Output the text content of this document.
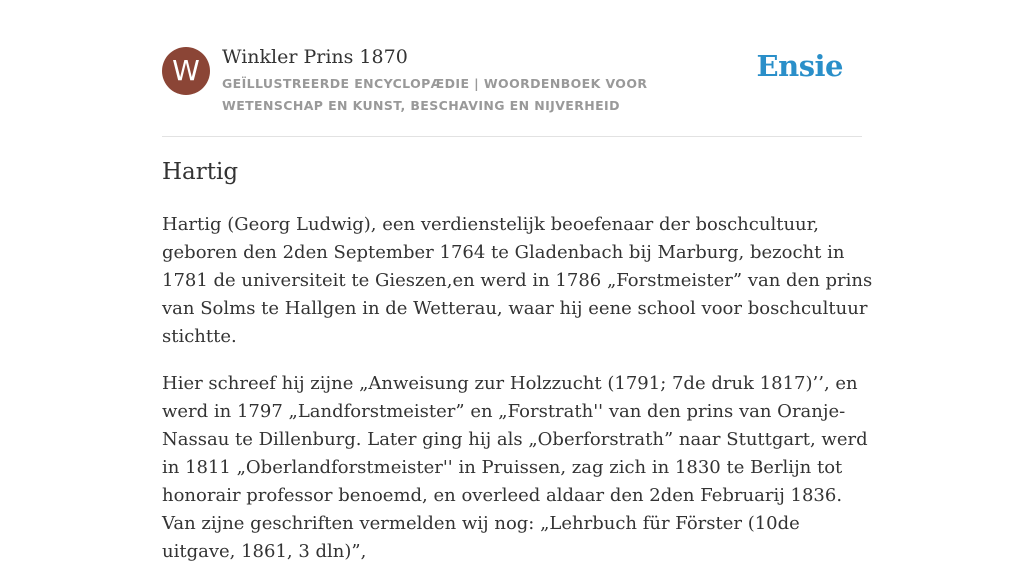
W	Winkler Prins 1870
GEÏLLUSTREERDE ENCYCLOPÆDIE | WOORDENBOEK VOOR WETENSCHAP EN KUNST, BESCHAVING EN NIJVERHEID
Ensie
Hartig

Hartig (Georg Ludwig), een verdienstelijk beoefenaar der boschcultuur, geboren den 2den September 1764 te Gladenbach bij Marburg, bezocht in 1781 de universiteit te Gieszen,en werd in 1786 „Forstmeister” van den prins van Solms te Hallgen in de Wetterau, waar hij eene school voor boschcultuur stichtte.

Hier schreef hij zijne „Anweisung zur Holzzucht (1791; 7de druk 1817)’’, en werd in 1797 „Landforstmeister” en „Forstrath'' van den prins van Oranje-Nassau te Dillenburg. Later ging hij als „Oberforstrath” naar Stuttgart, werd in 1811 „Oberlandforstmeister'' in Pruissen, zag zich in 1830 te Berlijn tot honorair professor benoemd, en overleed aldaar den 2den Februarij 1836. Van zijne geschriften vermelden wij nog: „Lehrbuch für Förster (10de uitgave, 1861, 3 dln)”,
